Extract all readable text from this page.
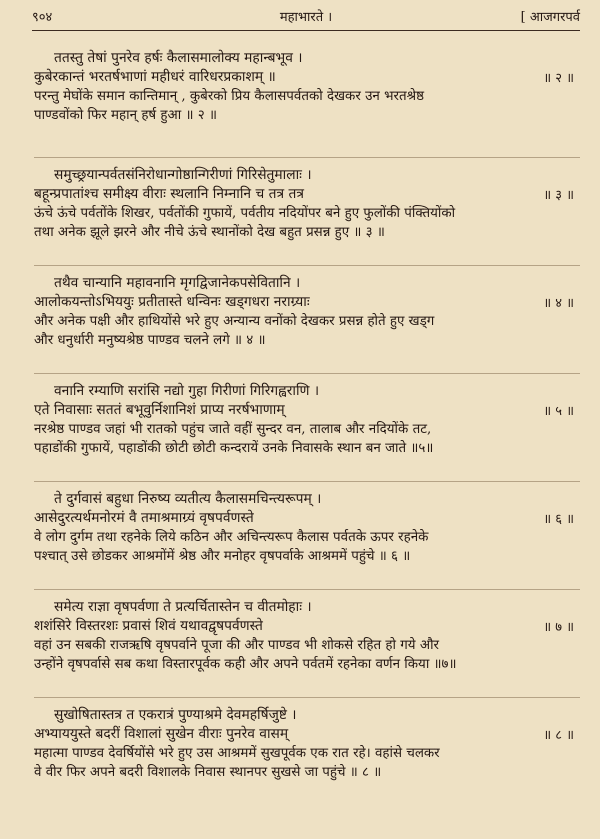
९०४	महाभारते ।	[ आजगरपर्व
ततस्तु तेषां पुनरेव हर्षः कैलासमालोक्य महान्बभूव ।
कुबेरकान्तं भरतर्षभाणां महीधरं वारिधरप्रकाशम् ॥	॥ २ ॥
परन्तु मेघोंके समान कान्तिमान् , कुबेरको प्रिय कैलासपर्वतको देखकर उन भरतश्रेष्ठ
पाण्डवोंको फिर महान् हर्ष हुआ ॥ २ ॥
समुच्छ्रयान्पर्वतसंनिरोधान्गोष्ठान्गिरीणां गिरिसेतुमालाः ।
बहून्प्रपातांश्च समीक्ष्य वीराः स्थलानि निम्नानि च तत्र तत्र	॥ ३ ॥
ऊंचे ऊंचे पर्वतोंके शिखर, पर्वतोंकी गुफायें, पर्वतीय नदियोंपर बने हुए फुलोंकी पंक्तियोंको
तथा अनेक झूले झरने और नीचे ऊंचे स्थानोंको देख बहुत प्रसन्न हुए ॥ ३ ॥
तथैव चान्यानि महावनानि मृगद्विजानेकपसेवितानि ।
आलोकयन्तोऽभिययुः प्रतीतास्ते धन्विनः खड्गधरा नराग्र्याः	॥ ४ ॥
और अनेक पक्षी और हाथियोंसे भरे हुए अन्यान्य वनोंको देखकर प्रसन्न होते हुए खड्ग
और धनुर्धारी मनुष्यश्रेष्ठ पाण्डव चलने लगे ॥ ४ ॥
वनानि रम्याणि सरांसि नद्यो गुहा गिरीणां गिरिगह्वराणि ।
एते निवासाः सततं बभूवुर्निशानिशं प्राप्य नरर्षभाणाम्	॥ ५ ॥
नरश्रेष्ठ पाण्डव जहां भी रातको पहुंच जाते वहीं सुन्दर वन, तालाब और नदियोंके तट,
पहाडोंकी गुफायें, पहाडोंकी छोटी छोटी कन्दरायें उनके निवासके स्थान बन जाते ॥५॥
ते दुर्गवासं बहुधा निरुष्य व्यतीत्य कैलासमचिन्त्यरूपम् ।
आसेदुरत्यर्थमनोरमं वै तमाश्रमाग्र्यं वृषपर्वणस्ते	॥ ६ ॥
वे लोग दुर्गम तथा रहनेके लिये कठिन और अचिन्त्यरूप कैलास पर्वतके ऊपर रहनेके
पश्चात् उसे छोडकर आश्रमोंमें श्रेष्ठ और मनोहर वृषपर्वाके आश्रममें पहुंचे ॥ ६ ॥
समेत्य राज्ञा वृषपर्वणा ते प्रत्यर्चितास्तेन च वीतमोहाः ।
शशंसिरे विस्तरशः प्रवासं शिवं यथावद्वृषपर्वणस्ते	॥ ७ ॥
वहां उन सबकी राजऋषि वृषपर्वाने पूजा की और पाण्डव भी शोकसे रहित हो गये और
उन्होंने वृषपर्वासे सब कथा विस्तारपूर्वक कही और अपने पर्वतमें रहनेका वर्णन किया ॥७॥
सुखोषितास्तत्र त एकरात्रं पुण्याश्रमे देवमहर्षिजुष्टे ।
अभ्याययुस्ते बदरीं विशालां सुखेन वीराः पुनरेव वासम्	॥ ८ ॥
महात्मा पाण्डव देवर्षियोंसे भरे हुए उस आश्रममें सुखपूर्वक एक रात रहे। वहांसे चलकर
वे वीर फिर अपने बदरी विशालके निवास स्थानपर सुखसे जा पहुंचे ॥ ८ ॥
